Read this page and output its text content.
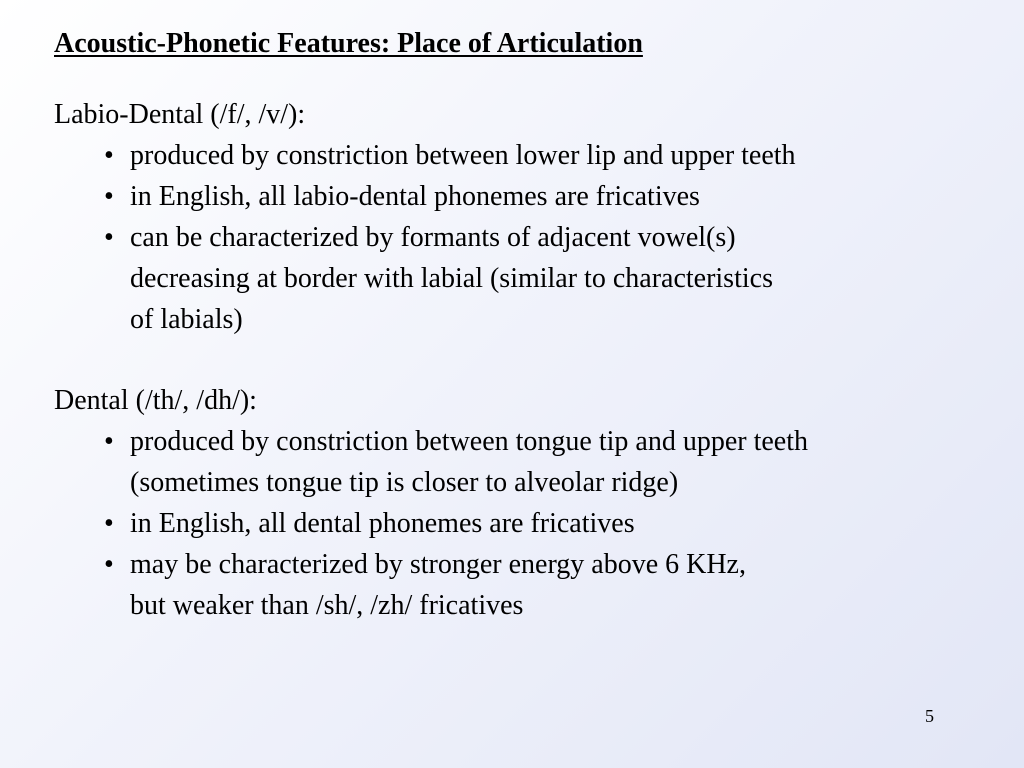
Acoustic-Phonetic Features: Place of Articulation
Labio-Dental (/f/, /v/):
• produced by constriction between lower lip and upper teeth
• in English, all labio-dental phonemes are fricatives
• can be characterized by formants of adjacent vowel(s)
decreasing at border with labial (similar to characteristics
of labials)
Dental (/th/, /dh/):
• produced by constriction between tongue tip and upper teeth
(sometimes tongue tip is closer to alveolar ridge)
• in English, all dental phonemes are fricatives
• may be characterized by stronger energy above 6 KHz,
but weaker than /sh/, /zh/ fricatives
5
